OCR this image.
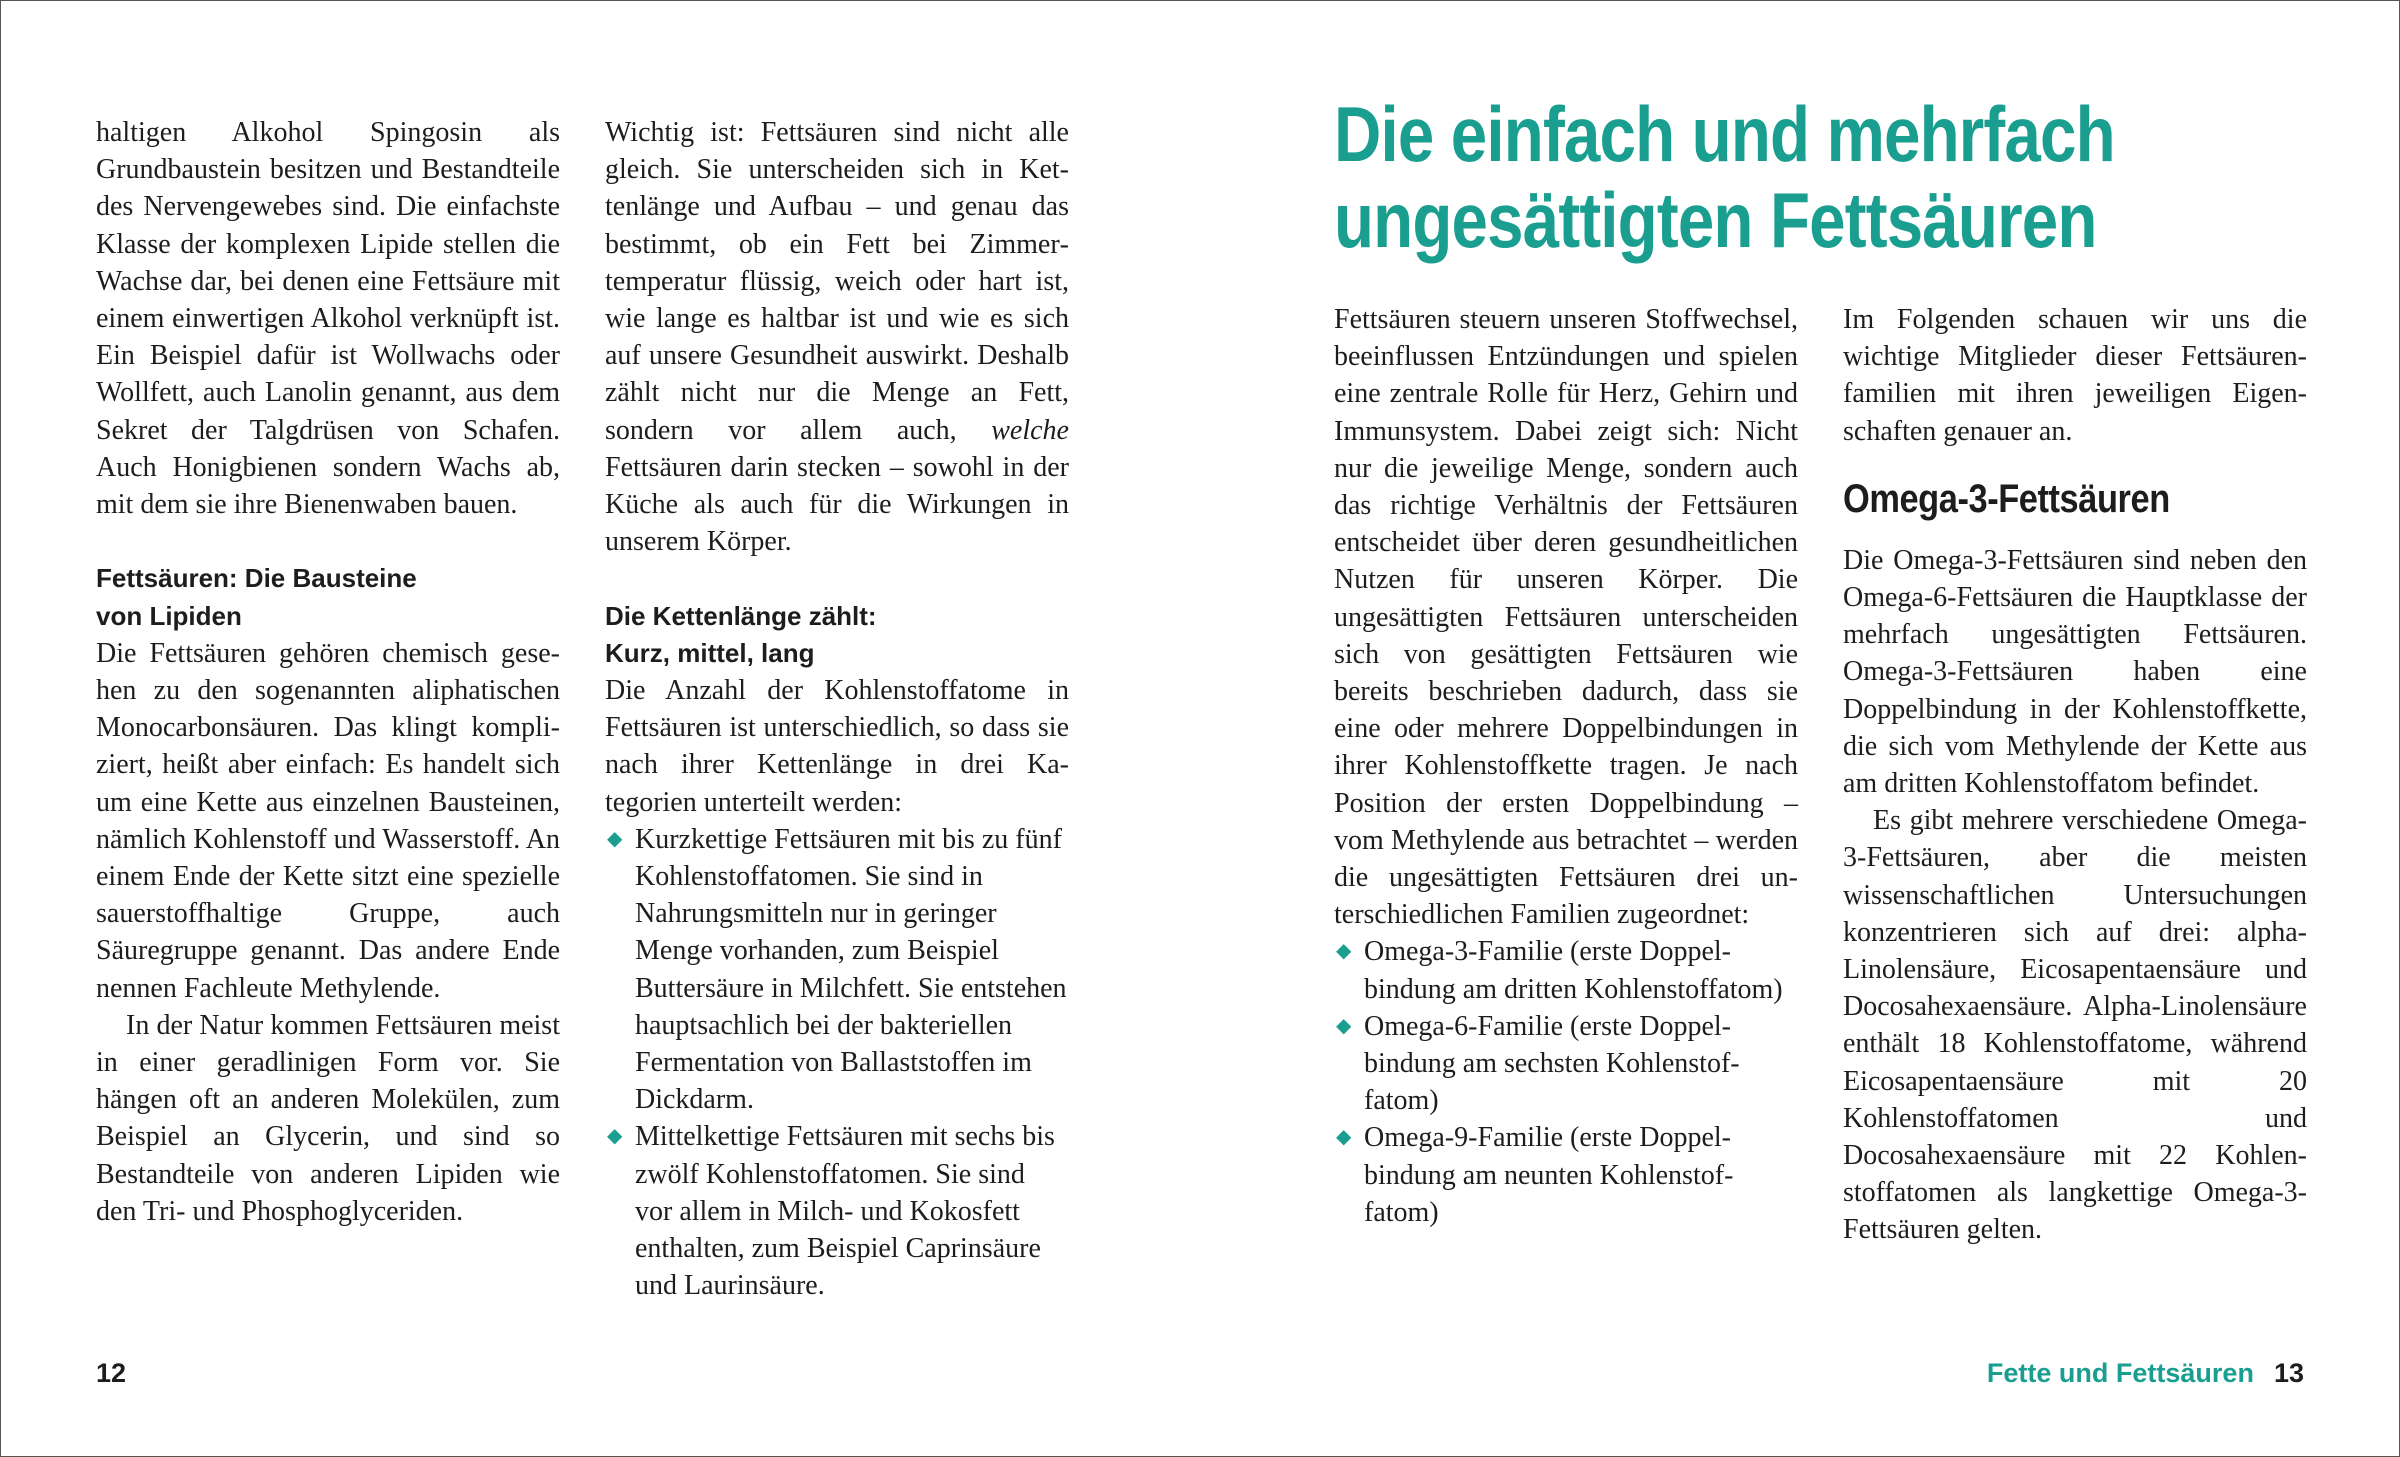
haltigen Alkohol Spingosin als Grundbaustein besitzen und Bestandteile des Nervengewebes sind. Die einfachste Klasse der komplexen Lipide stellen die Wachse dar, bei denen eine Fettsäure mit einem einwertigen Alkohol verknüpft ist. Ein Beispiel dafür ist Wollwachs oder Wollfett, auch Lanolin genannt, aus dem Sekret der Talgdrüsen von Schafen. Auch Honigbienen sondern Wachs ab, mit dem sie ihre Bienenwaben bauen.

Fettsäuren: Die Bausteine
von Lipiden

Die Fettsäuren gehören chemisch gesehen zu den sogenannten aliphatischen Monocarbonsäuren. Das klingt kompliziert, heißt aber einfach: Es handelt sich um eine Kette aus einzelnen Bausteinen, nämlich Kohlenstoff und Wasserstoff. An einem Ende der Kette sitzt eine spezielle sauerstoffhaltige Gruppe, auch Säuregruppe genannt. Das andere Ende nennen Fachleute Methylende.

In der Natur kommen Fettsäuren meist in einer geradlinigen Form vor. Sie hängen oft an anderen Molekülen, zum Beispiel an Glycerin, und sind so Bestandteile von anderen Lipiden wie den Tri- und Phosphoglyceriden.

Wichtig ist: Fettsäuren sind nicht alle gleich. Sie unterscheiden sich in Kettenlänge und Aufbau – und genau das bestimmt, ob ein Fett bei Zimmertemperatur flüssig, weich oder hart ist, wie lange es haltbar ist und wie es sich auf unsere Gesundheit auswirkt. Deshalb zählt nicht nur die Menge an Fett, sondern vor allem auch, welche Fettsäuren darin stecken – sowohl in der Küche als auch für die Wirkungen in unserem Körper.

Die Kettenlänge zählt:
Kurz, mittel, lang

Die Anzahl der Kohlenstoffatome in Fettsäuren ist unterschiedlich, so dass sie nach ihrer Kettenlänge in drei Kategorien unterteilt werden:

◆ Kurzkettige Fettsäuren mit bis zu fünf Kohlenstoffatomen. Sie sind in Nahrungsmitteln nur in geringer Menge vorhanden, zum Beispiel Buttersäure in Milchfett. Sie entstehen hauptsachlich bei der bakteriellen Fermentation von Ballaststoffen im Dickdarm.
◆ Mittelkettige Fettsäuren mit sechs bis zwölf Kohlenstoffatomen. Sie sind vor allem in Milch- und Kokosfett enthalten, zum Beispiel Caprinsäure und Laurinsäure.
12
Die einfach und mehrfach
ungesättigten Fettsäuren

Fettsäuren steuern unseren Stoffwechsel, beeinflussen Entzündungen und spielen eine zentrale Rolle für Herz, Gehirn und Immunsystem. Dabei zeigt sich: Nicht nur die jeweilige Menge, sondern auch das richtige Verhältnis der Fettsäuren entscheidet über deren gesundheitlichen Nutzen für unseren Körper. Die ungesättigten Fettsäuren unterscheiden sich von gesättigten Fettsäuren wie bereits beschrieben dadurch, dass sie eine oder mehrere Doppelbindungen in ihrer Kohlenstoffkette tragen. Je nach Position der ersten Doppelbindung – vom Methylende aus betrachtet – werden die ungesättigten Fettsäuren drei unterschiedlichen Familien zugeordnet:

◆ Omega-3-Familie (erste Doppelbindung am dritten Kohlenstoffatom)
◆ Omega-6-Familie (erste Doppelbindung am sechsten Kohlenstoffatom)
◆ Omega-9-Familie (erste Doppelbindung am neunten Kohlenstoffatom)

Im Folgenden schauen wir uns die wichtige Mitglieder dieser Fettsäurenfamilien mit ihren jeweiligen Eigenschaften genauer an.

Omega-3-Fettsäuren

Die Omega-3-Fettsäuren sind neben den Omega-6-Fettsäuren die Hauptklasse der mehrfach ungesättigten Fettsäuren. Omega-3-Fettsäuren haben eine Doppelbindung in der Kohlenstoffkette, die sich vom Methylende der Kette aus am dritten Kohlenstoffatom befindet.

Es gibt mehrere verschiedene Omega-3-Fettsäuren, aber die meisten wissenschaftlichen Untersuchungen konzentrieren sich auf drei: alpha-Linolensäure, Eicosapentaensäure und Docosahexaensäure. Alpha-Linolensäure enthält 18 Kohlenstoffatome, während Eicosapentaensäure mit 20 Kohlenstoffatomen und Docosahexaensäure mit 22 Kohlenstoffatomen als langkettige Omega-3-Fettsäuren gelten.

Fette und Fettsäuren 13
